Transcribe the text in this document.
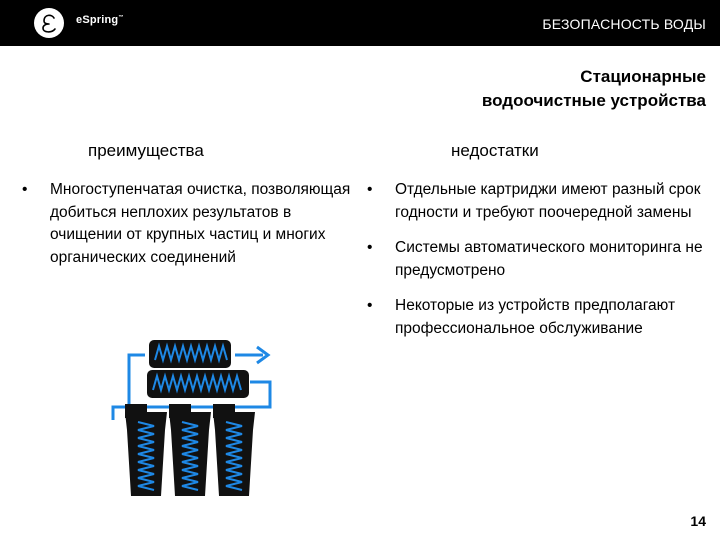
eSpring™	БЕЗОПАСНОСТЬ ВОДЫ
Стационарные
водоочистные устройства
преимущества	недостатки
• Многоступенчатая очистка, позволяющая добиться неплохих результатов в очищении от крупных частиц и многих органических соединений
• Отдельные картриджи имеют разный срок годности и требуют поочередной замены
• Системы автоматического мониторинга не предусмотрено
• Некоторые из устройств предполагают профессиональное обслуживание
14
